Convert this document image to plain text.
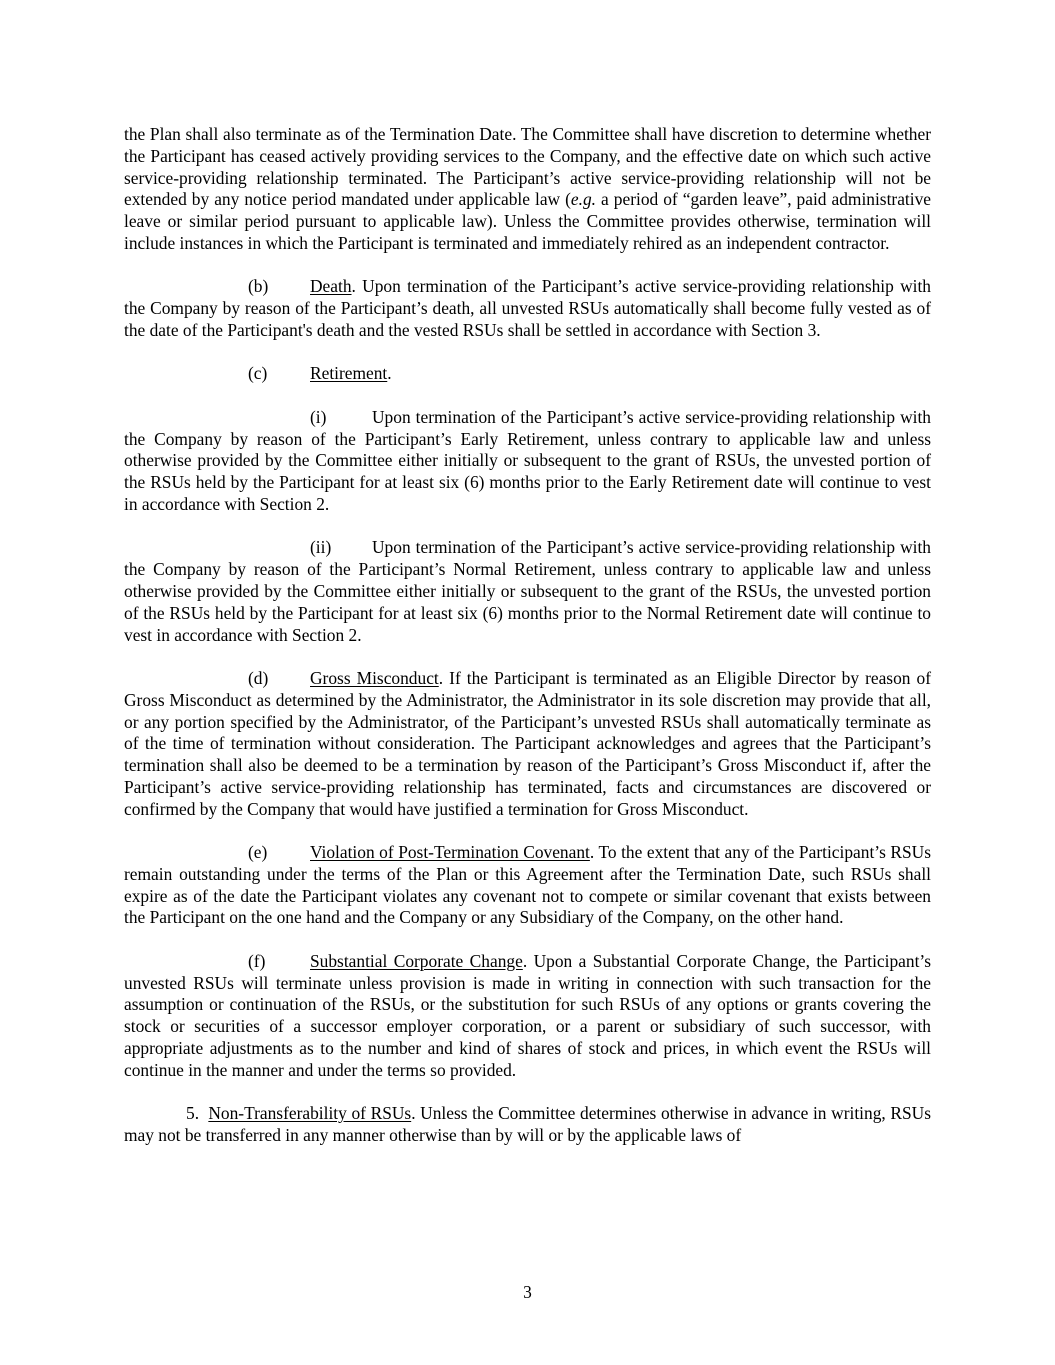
the Plan shall also terminate as of the Termination Date. The Committee shall have discretion to determine whether the Participant has ceased actively providing services to the Company, and the effective date on which such active service-providing relationship terminated. The Participant’s active service-providing relationship will not be extended by any notice period mandated under applicable law (e.g. a period of “garden leave”, paid administrative leave or similar period pursuant to applicable law). Unless the Committee provides otherwise, termination will include instances in which the Participant is terminated and immediately rehired as an independent contractor.

(b) Death. Upon termination of the Participant’s active service-providing relationship with the Company by reason of the Participant’s death, all unvested RSUs automatically shall become fully vested as of the date of the Participant's death and the vested RSUs shall be settled in accordance with Section 3.

(c) Retirement.

(i)	Upon termination of the Participant’s active service-providing relationship with the Company by reason of the Participant’s Early Retirement, unless contrary to applicable law and unless otherwise provided by the Committee either initially or subsequent to the grant of RSUs, the unvested portion of the RSUs held by the Participant for at least six (6) months prior to the Early Retirement date will continue to vest in accordance with Section 2.

(ii) Upon termination of the Participant’s active service-providing relationship with the Company by reason of the Participant’s Normal Retirement, unless contrary to applicable law and unless otherwise provided by the Committee either initially or subsequent to the grant of the RSUs, the unvested portion of the RSUs held by the Participant for at least six (6) months prior to the Normal Retirement date will continue to vest in accordance with Section 2.

(d) Gross Misconduct. If the Participant is terminated as an Eligible Director by reason of Gross Misconduct as determined by the Administrator, the Administrator in its sole discretion may provide that all, or any portion specified by the Administrator, of the Participant’s unvested RSUs shall automatically terminate as of the time of termination without consideration. The Participant acknowledges and agrees that the Participant’s termination shall also be deemed to be a termination by reason of the Participant’s Gross Misconduct if, after the Participant’s active service-providing relationship has terminated, facts and circumstances are discovered or confirmed by the Company that would have justified a termination for Gross Misconduct.

(e) Violation of Post-Termination Covenant. To the extent that any of the Participant’s RSUs remain outstanding under the terms of the Plan or this Agreement after the Termination Date, such RSUs shall expire as of the date the Participant violates any covenant not to compete or similar covenant that exists between the Participant on the one hand and the Company or any Subsidiary of the Company, on the other hand.

(f)	Substantial Corporate Change. Upon a Substantial Corporate Change, the Participant’s unvested RSUs will terminate unless provision is made in writing in connection with such transaction for the assumption or continuation of the RSUs, or the substitution for such RSUs of any options or grants covering the stock or securities of a successor employer corporation, or a parent or subsidiary of such successor, with appropriate adjustments as to the number and kind of shares of stock and prices, in which event the RSUs will continue in the manner and under the terms so provided.

5. Non-Transferability of RSUs. Unless the Committee determines otherwise in advance in writing, RSUs may not be transferred in any manner otherwise than by will or by the applicable laws of

3
